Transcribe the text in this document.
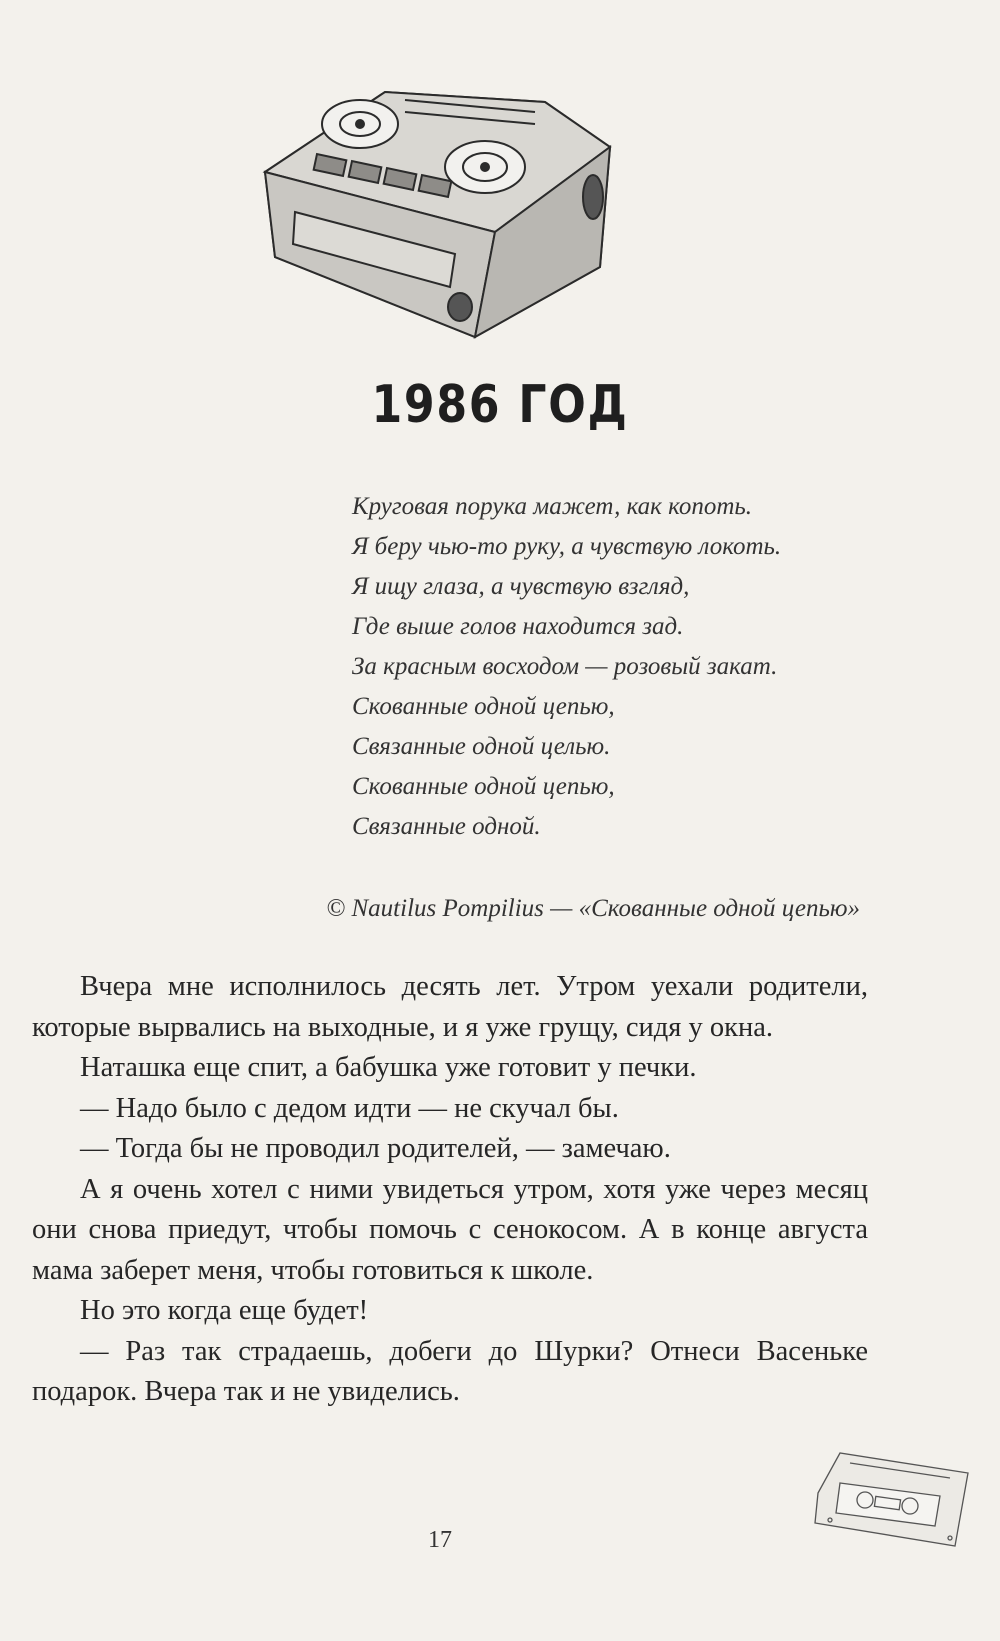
1986 ГОД
Круговая порука мажет, как копоть.
Я беру чью-то руку, а чувствую локоть.
Я ищу глаза, а чувствую взгляд,
Где выше голов находится зад.
За красным восходом — розовый закат.
Скованные одной цепью,
Связанные одной целью.
Скованные одной цепью,
Связанные одной.
© Nautilus Pompilius — «Скованные одной цепью»

Вчера мне исполнилось десять лет. Утром уехали родители, которые вырвались на выходные, и я уже грущу, сидя у окна.

Наташка еще спит, а бабушка уже готовит у печки.

— Надо было с дедом идти — не скучал бы.

— Тогда бы не проводил родителей, — замечаю.

А я очень хотел с ними увидеться утром, хотя уже через месяц они снова приедут, чтобы помочь с сенокосом. А в конце августа мама заберет меня, чтобы готовиться к школе.

Но это когда еще будет!

— Раз так страдаешь, добеги до Шурки? Отнеси Васеньке подарок. Вчера так и не увиделись.

17
